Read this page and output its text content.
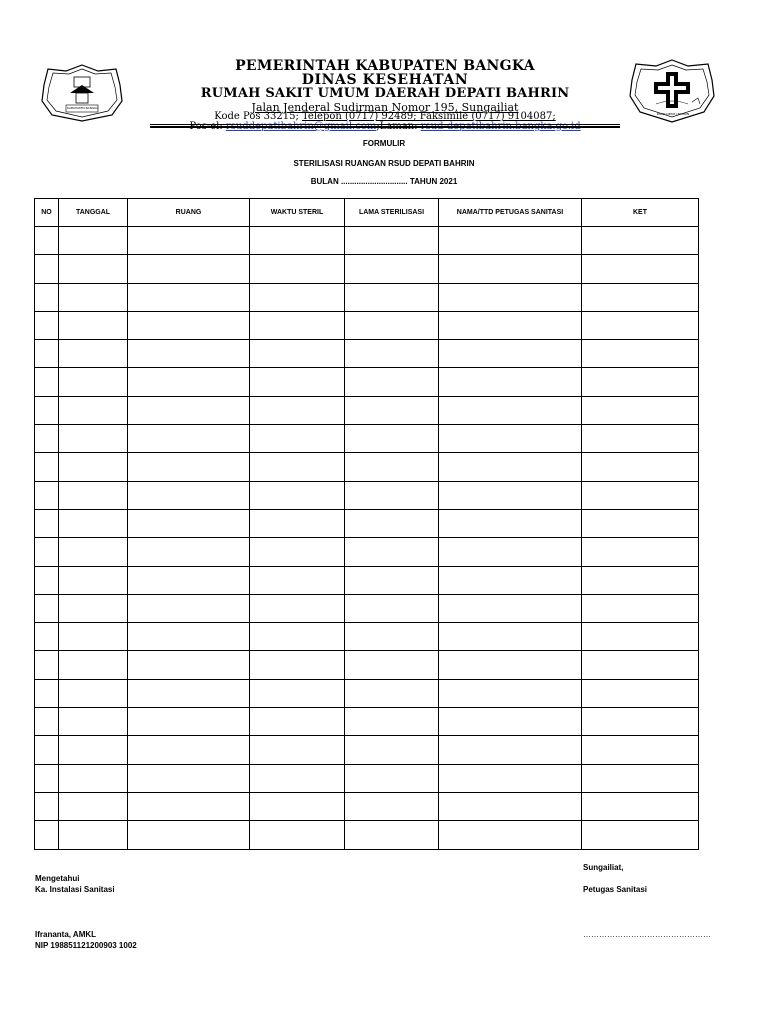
KABUPATEN BANGKA
RSUD DEPATI BAHRIN
PEMERINTAH KABUPATEN BANGKA
DINAS KESEHATAN
RUMAH SAKIT UMUM DAERAH DEPATI BAHRIN
Jalan Jenderal Sudirman Nomor 195, Sungailiat
Kode Pos 33215; Telepon (0717) 92489; Faksimile (0717) 9104087;
Pos-el: rsuddepatibahrin@gmail.com;Laman: rsud-depatibahrin.bangka.go.id
FORMULIR
STERILISASI RUANGAN RSUD DEPATI BAHRIN
BULAN .............................. TAHUN 2021
NO	TANGGAL	RUANG	WAKTU STERIL	LAMA STERILISASI	NAMA/TTD PETUGAS SANITASI	KET

Sungailiat,
Mengetahui
Ka. Instalasi Sanitasi	Petugas Sanitasi
Ifrananta, AMKL
NIP 198851121200903 1002
…………………………………………
